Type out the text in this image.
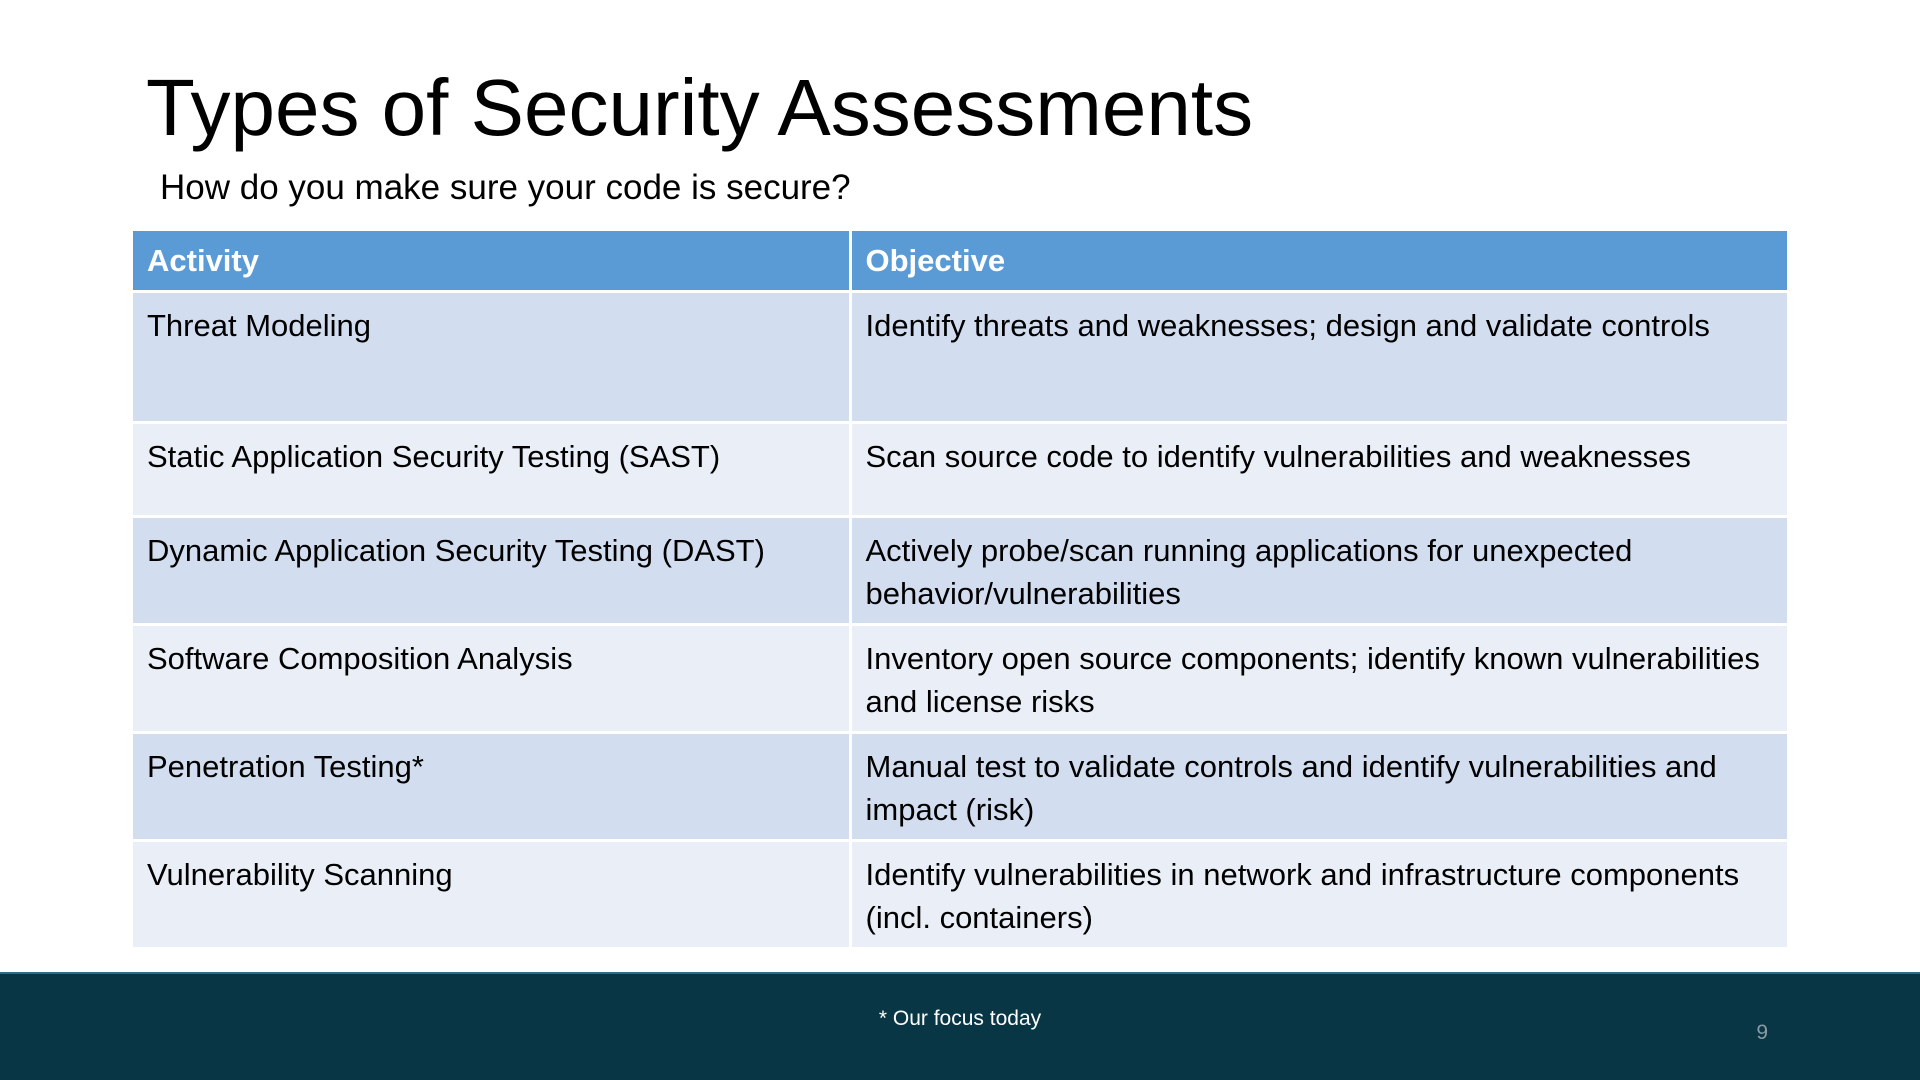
Types of Security Assessments
How do you make sure your code is secure?
Activity	Objective
Threat Modeling	Identify threats and weaknesses; design and validate controls
Static Application Security Testing (SAST)	Scan source code to identify vulnerabilities and weaknesses
Dynamic Application Security Testing (DAST)	Actively probe/scan running applications for unexpected behavior/vulnerabilities
Software Composition Analysis	Inventory open source components; identify known vulnerabilities and license risks
Penetration Testing*	Manual test to validate controls and identify vulnerabilities and impact (risk)
Vulnerability Scanning	Identify vulnerabilities in network and infrastructure components (incl. containers)
* Our focus today
9
